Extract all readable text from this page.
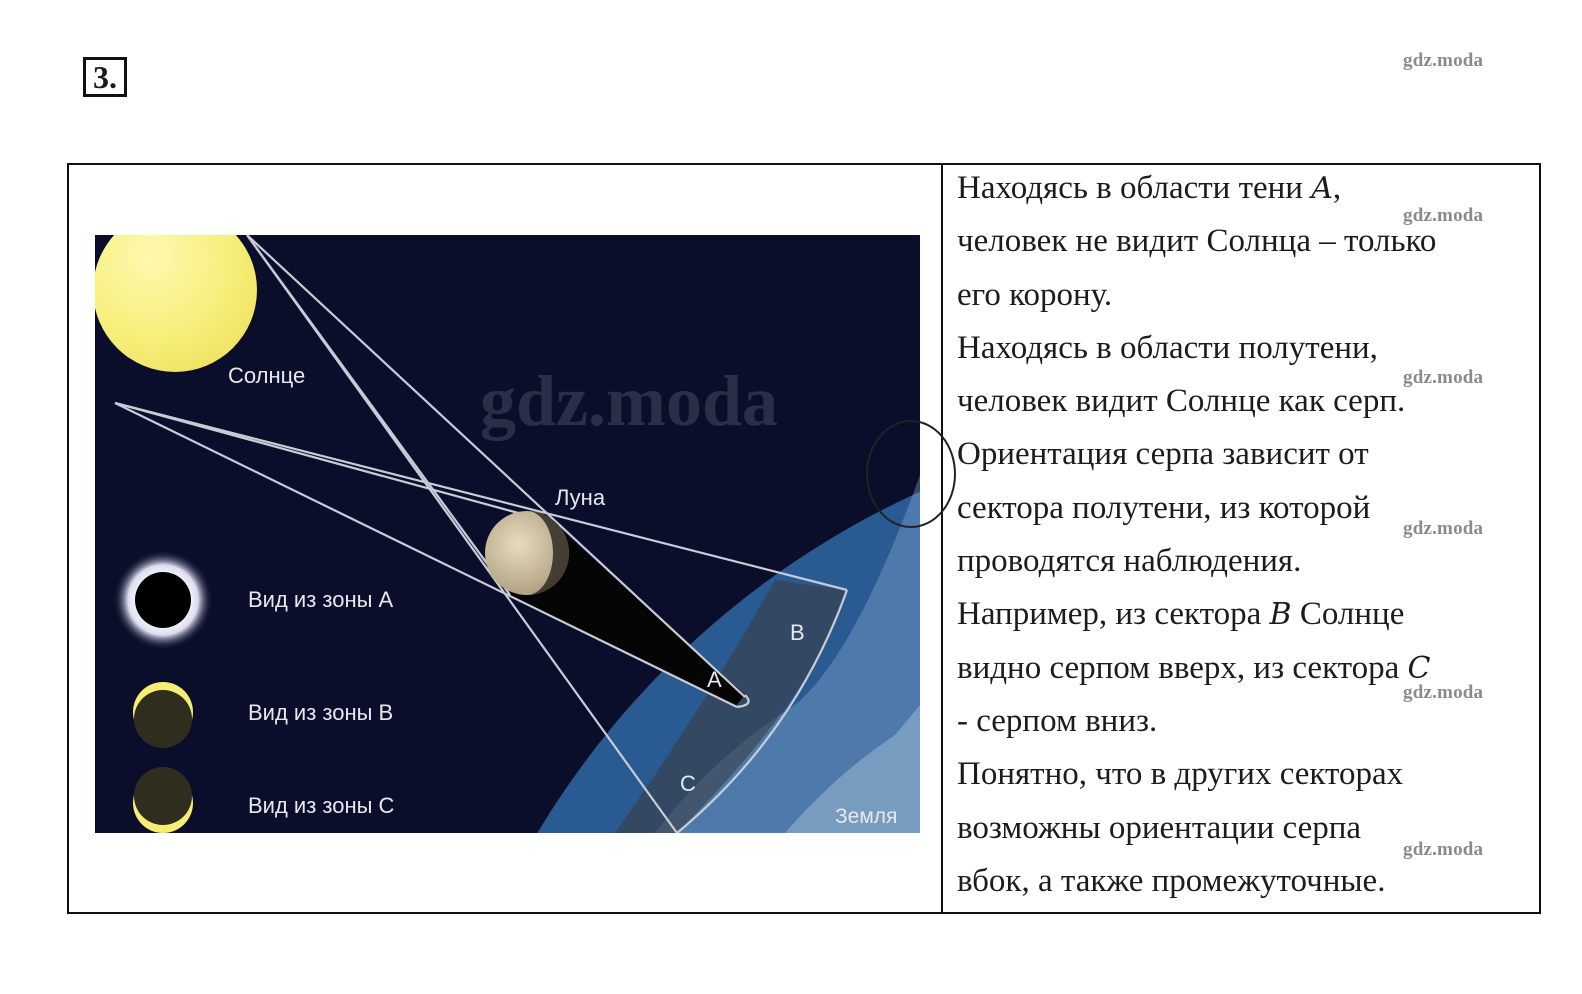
3.	gdz.moda
gdz.moda
gdz.moda
gdz.moda
gdz.moda
gdz.moda
Солнце
Луна
Земля
A
B
C
Вид из зоны А
Вид из зоны В
Вид из зоны С
gdz.moda
Находясь в области тени A,
человек не видит Солнца – только
его корону.
Находясь в области полутени,
человек видит Солнце как серп.
Ориентация серпа зависит от
сектора полутени, из которой
проводятся наблюдения.
Например, из сектора B Солнце
видно серпом вверх, из сектора C
- серпом вниз.
Понятно, что в других секторах
возможны ориентации серпа
вбок, а также промежуточные.
